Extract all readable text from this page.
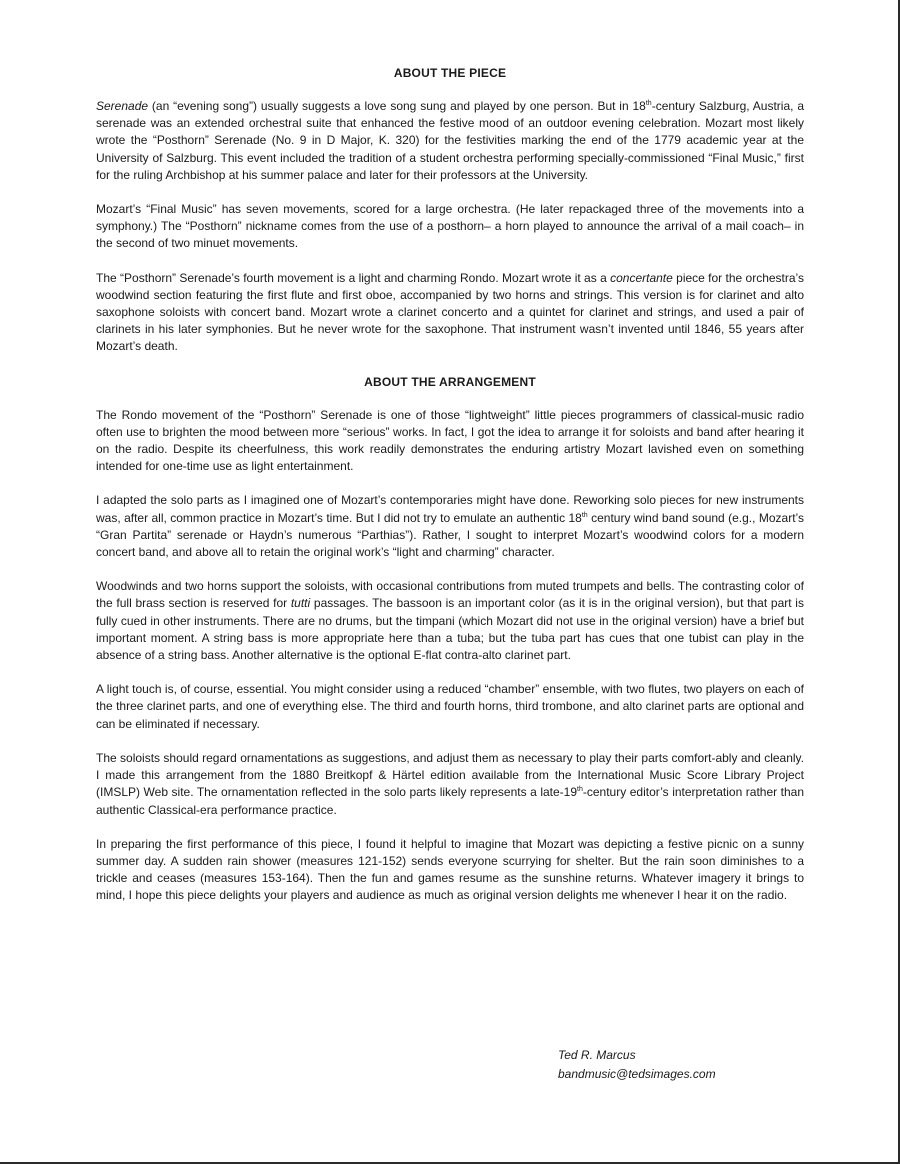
ABOUT THE PIECE

Serenade (an “evening song”) usually suggests a love song sung and played by one person. But in 18th-century Salzburg, Austria, a serenade was an extended orchestral suite that enhanced the festive mood of an outdoor evening celebration. Mozart most likely wrote the “Posthorn” Serenade (No. 9 in D Major, K. 320) for the festivities marking the end of the 1779 academic year at the University of Salzburg. This event included the tradition of a student orchestra performing specially-commissioned “Final Music,” first for the ruling Archbishop at his summer palace and later for their professors at the University.

Mozart’s “Final Music” has seven movements, scored for a large orchestra. (He later repackaged three of the movements into a symphony.) The “Posthorn” nickname comes from the use of a posthorn– a horn played to announce the arrival of a mail coach– in the second of two minuet movements.

The “Posthorn” Serenade’s fourth movement is a light and charming Rondo. Mozart wrote it as a concertante piece for the orchestra’s woodwind section featuring the first flute and first oboe, accompanied by two horns and strings. This version is for clarinet and alto saxophone soloists with concert band. Mozart wrote a clarinet concerto and a quintet for clarinet and strings, and used a pair of clarinets in his later symphonies. But he never wrote for the saxophone. That instrument wasn’t invented until 1846, 55 years after Mozart’s death.

ABOUT THE ARRANGEMENT

The Rondo movement of the “Posthorn” Serenade is one of those “lightweight” little pieces programmers of classical-music radio often use to brighten the mood between more “serious” works. In fact, I got the idea to arrange it for soloists and band after hearing it on the radio. Despite its cheerfulness, this work readily demonstrates the enduring artistry Mozart lavished even on something intended for one-time use as light entertainment.

I adapted the solo parts as I imagined one of Mozart’s contemporaries might have done. Reworking solo pieces for new instruments was, after all, common practice in Mozart’s time. But I did not try to emulate an authentic 18th century wind band sound (e.g., Mozart’s “Gran Partita” serenade or Haydn’s numerous “Parthias”). Rather, I sought to interpret Mozart’s woodwind colors for a modern concert band, and above all to retain the original work’s “light and charming” character.

Woodwinds and two horns support the soloists, with occasional contributions from muted trumpets and bells. The contrasting color of the full brass section is reserved for tutti passages. The bassoon is an important color (as it is in the original version), but that part is fully cued in other instruments. There are no drums, but the timpani (which Mozart did not use in the original version) have a brief but important moment. A string bass is more appropriate here than a tuba; but the tuba part has cues that one tubist can play in the absence of a string bass. Another alternative is the optional E-flat contra-alto clarinet part.

A light touch is, of course, essential. You might consider using a reduced “chamber” ensemble, with two flutes, two players on each of the three clarinet parts, and one of everything else. The third and fourth horns, third trombone, and alto clarinet parts are optional and can be eliminated if necessary.

The soloists should regard ornamentations as suggestions, and adjust them as necessary to play their parts comfort-ably and cleanly. I made this arrangement from the 1880 Breitkopf & Härtel edition available from the International Music Score Library Project (IMSLP) Web site. The ornamentation reflected in the solo parts likely represents a late-19th-century editor’s interpretation rather than authentic Classical-era performance practice.

In preparing the first performance of this piece, I found it helpful to imagine that Mozart was depicting a festive picnic on a sunny summer day. A sudden rain shower (measures 121-152) sends everyone scurrying for shelter. But the rain soon diminishes to a trickle and ceases (measures 153-164). Then the fun and games resume as the sunshine returns. Whatever imagery it brings to mind, I hope this piece delights your players and audience as much as original version delights me whenever I hear it on the radio.

Ted R. Marcus
bandmusic@tedsimages.com
